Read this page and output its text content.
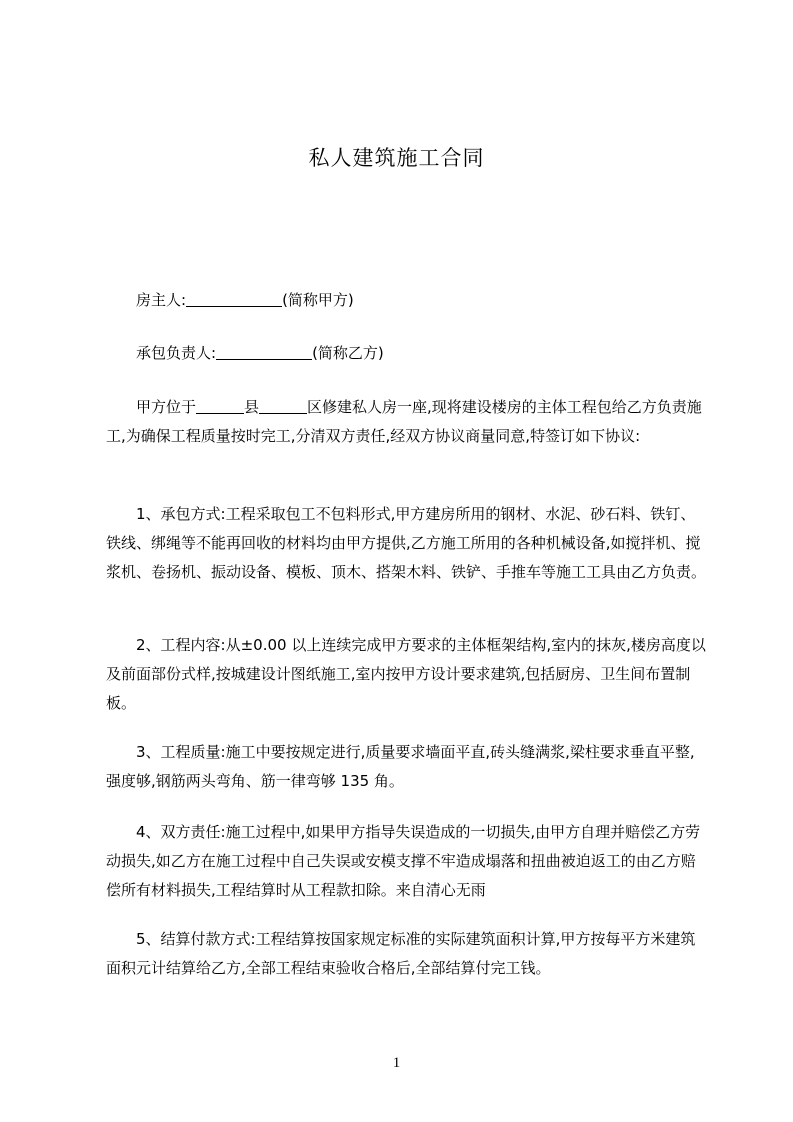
私人建筑施工合同
房主人:	(简称甲方)
承包负责人:	(简称乙方)
甲方位于	县	区修建私人房一座,现将建设楼房的主体工程包给乙方负责施工,为确保工程质量按时完工,分清双方责任,经双方协议商量同意,特签订如下协议:
1、承包方式:工程采取包工不包料形式,甲方建房所用的钢材、水泥、砂石料、铁钉、铁线、绑绳等不能再回收的材料均由甲方提供,乙方施工所用的各种机械设备,如搅拌机、搅浆机、卷扬机、振动设备、模板、顶木、搭架木料、铁铲、手推车等施工工具由乙方负责。
2、工程内容:从±0.00 以上连续完成甲方要求的主体框架结构,室内的抹灰,楼房高度以及前面部份式样,按城建设计图纸施工,室内按甲方设计要求建筑,包括厨房、卫生间布置制板。
3、工程质量:施工中要按规定进行,质量要求墙面平直,砖头缝满浆,梁柱要求垂直平整,强度够,钢筋两头弯角、筋一律弯够 135 角。
4、双方责任:施工过程中,如果甲方指导失误造成的一切损失,由甲方自理并赔偿乙方劳动损失,如乙方在施工过程中自己失误或安模支撑不牢造成塌落和扭曲被迫返工的由乙方赔偿所有材料损失,工程结算时从工程款扣除。来自清心无雨
5、结算付款方式:工程结算按国家规定标准的实际建筑面积计算,甲方按每平方米建筑面积元计结算给乙方,全部工程结束验收合格后,全部结算付完工钱。
1
